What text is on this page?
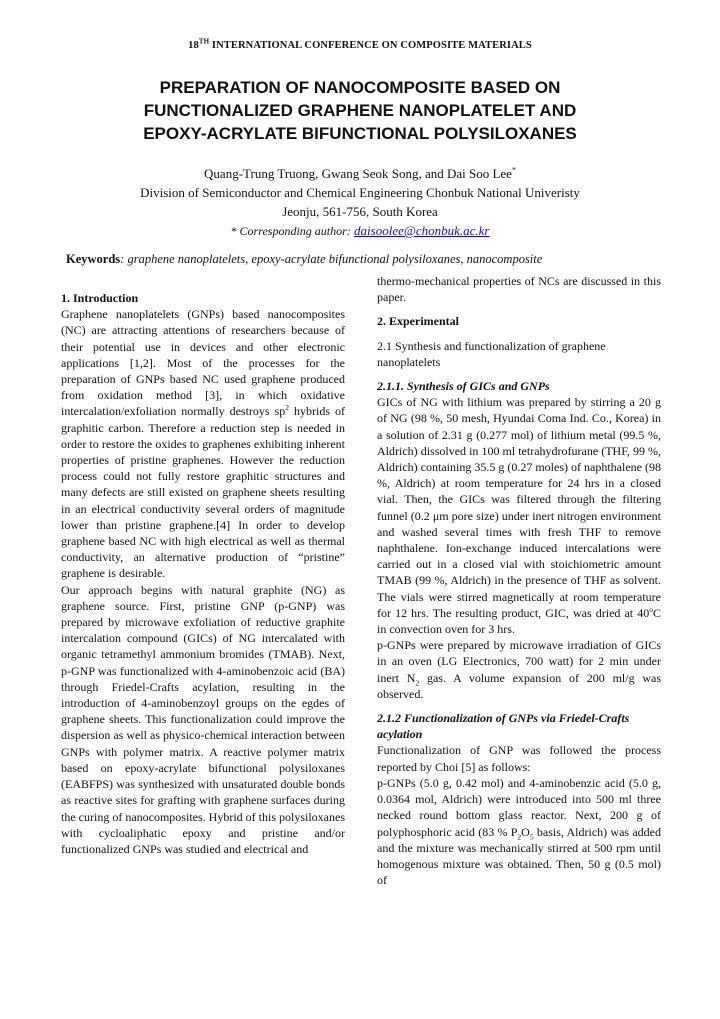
18TH INTERNATIONAL CONFERENCE ON COMPOSITE MATERIALS
PREPARATION OF NANOCOMPOSITE BASED ON
FUNCTIONALIZED GRAPHENE NANOPLATELET AND
EPOXY-ACRYLATE BIFUNCTIONAL POLYSILOXANES
Quang-Trung Truong, Gwang Seok Song, and Dai Soo Lee*
Division of Semiconductor and Chemical Engineering Chonbuk National Univeristy
Jeonju, 561-756, South Korea
* Corresponding author: daisoolee@chonbuk.ac.kr
Keywords: graphene nanoplatelets, epoxy-acrylate bifunctional polysiloxanes, nanocomposite

1. Introduction

Graphene nanoplatelets (GNPs) based nanocomposites (NC) are attracting attentions of researchers because of their potential use in devices and other electronic applications [1,2]. Most of the processes for the preparation of GNPs based NC used graphene produced from oxidation method [3], in which oxidative intercalation/exfoliation normally destroys $sp^2$ hybrids of graphitic carbon. Therefore a reduction step is needed in order to restore the oxides to graphenes exhibiting inherent properties of pristine graphenes. However the reduction process could not fully restore graphitic structures and many defects are still existed on graphene sheets resulting in an electrical conductivity several orders of magnitude lower than pristine graphene.[4] In order to develop graphene based NC with high electrical as well as thermal conductivity, an alternative production of “pristine” graphene is desirable.

Our approach begins with natural graphite (NG) as graphene source. First, pristine GNP (p-GNP) was prepared by microwave exfoliation of reductive graphite intercalation compound (GICs) of NG intercalated with organic tetramethyl ammonium bromides (TMAB). Next, p-GNP was functionalized with 4-aminobenzoic acid (BA) through Friedel-Crafts acylation, resulting in the introduction of 4-aminobenzoyl groups on the egdes of graphene sheets. This functionalization could improve the dispersion as well as physico-chemical interaction between GNPs with polymer matrix. A reactive polymer matrix based on epoxy-acrylate bifunctional polysiloxanes (EABFPS) was synthesized with unsaturated double bonds as reactive sites for grafting with graphene surfaces during the curing of nanocomposites. Hybrid of this polysiloxanes with cycloaliphatic epoxy and pristine and/or functionalized GNPs was studied and electrical and

thermo-mechanical properties of NCs are discussed in this paper.

2. Experimental

2.1 Synthesis and functionalization of graphene nanoplatelets

2.1.1. Synthesis of GICs and GNPs

GICs of NG with lithium was prepared by stirring a 20 g of NG (98 %, 50 mesh, Hyundai Coma Ind. Co., Korea) in a solution of 2.31 g (0.277 mol) of lithium metal (99.5 %, Aldrich) dissolved in 100 ml tetrahydrofurane (THF, 99 %, Aldrich) containing 35.5 g (0.27 moles) of naphthalene (98 %, Aldrich) at room temperature for 24 hrs in a closed vial. Then, the GICs was filtered through the filtering funnel (0.2 μm pore size) under inert nitrogen environment and washed several times with fresh THF to remove naphthalene. Ion-exchange induced intercalations were carried out in a closed vial with stoichiometric amount TMAB (99 %, Aldrich) in the presence of THF as solvent. The vials were stirred magnetically at room temperature for 12 hrs. The resulting product, GIC, was dried at 40$^o$C in convection oven for 3 hrs.

p-GNPs were prepared by microwave irradiation of GICs in an oven (LG Electronics, 700 watt) for 2 min under inert $N_2$ gas. A volume expansion of 200 ml/g was observed.

2.1.2 Functionalization of GNPs via Friedel-Crafts acylation

Functionalization of GNP was followed the process reported by Choi [5] as follows:

p-GNPs (5.0 g, 0.42 mol) and 4-aminobenzic acid (5.0 g, 0.0364 mol, Aldrich) were introduced into 500 ml three necked round bottom glass reactor. Next, 200 g of polyphosphoric acid (83 % $P_2O_5$ basis, Aldrich) was added and the mixture was mechanically stirred at 500 rpm until homogenous mixture was obtained. Then, 50 g (0.5 mol) of
